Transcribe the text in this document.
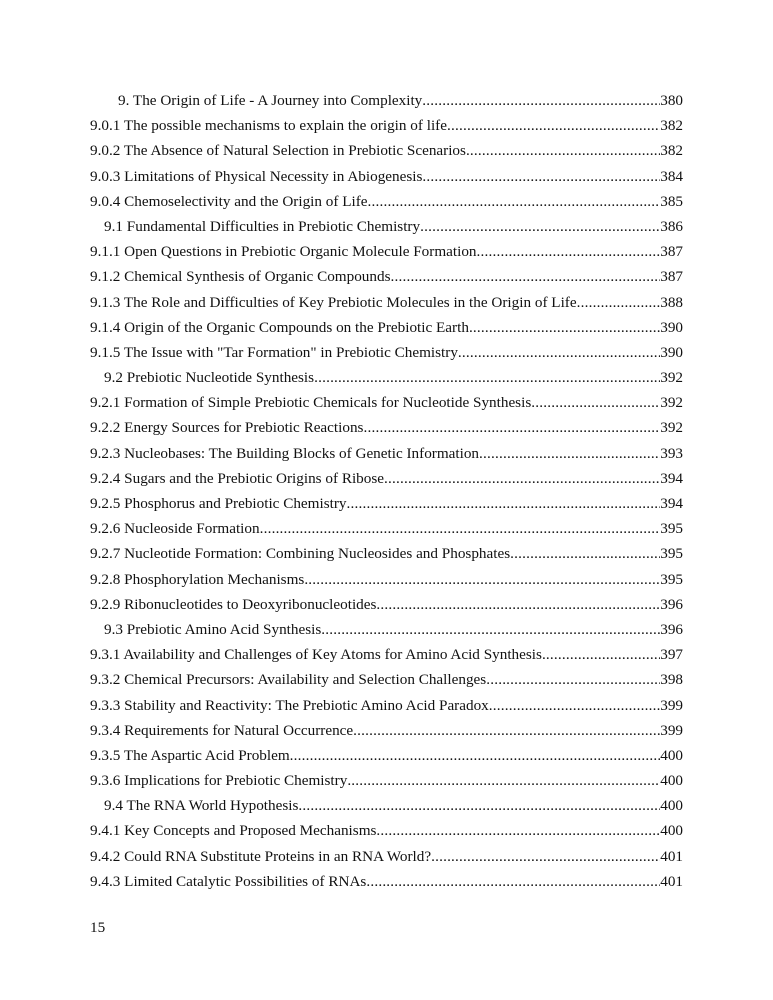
9. The Origin of Life - A Journey into Complexity .....	380
9.0.1 The possible mechanisms to explain the origin of life .....	382
9.0.2 The Absence of Natural Selection in Prebiotic Scenarios .....	382
9.0.3 Limitations of Physical Necessity in Abiogenesis .....	384
9.0.4 Chemoselectivity and the Origin of Life .....	385
9.1 Fundamental Difficulties in Prebiotic Chemistry .....	386
9.1.1 Open Questions in Prebiotic Organic Molecule Formation .....	387
9.1.2 Chemical Synthesis of Organic Compounds .....	387
9.1.3 The Role and Difficulties of Key Prebiotic Molecules in the Origin of Life .....	388
9.1.4 Origin of the Organic Compounds on the Prebiotic Earth .....	390
9.1.5 The Issue with "Tar Formation" in Prebiotic Chemistry .....	390
9.2 Prebiotic Nucleotide Synthesis .....	392
9.2.1 Formation of Simple Prebiotic Chemicals for Nucleotide Synthesis .....	392
9.2.2 Energy Sources for Prebiotic Reactions .....	392
9.2.3 Nucleobases: The Building Blocks of Genetic Information .....	393
9.2.4 Sugars and the Prebiotic Origins of Ribose .....	394
9.2.5 Phosphorus and Prebiotic Chemistry .....	394
9.2.6 Nucleoside Formation .....	395
9.2.7 Nucleotide Formation: Combining Nucleosides and Phosphates .....	395
9.2.8 Phosphorylation Mechanisms .....	395
9.2.9 Ribonucleotides to Deoxyribonucleotides .....	396
9.3 Prebiotic Amino Acid Synthesis .....	396
9.3.1 Availability and Challenges of Key Atoms for Amino Acid Synthesis .....	397
9.3.2 Chemical Precursors: Availability and Selection Challenges .....	398
9.3.3 Stability and Reactivity: The Prebiotic Amino Acid Paradox .....	399
9.3.4 Requirements for Natural Occurrence .....	399
9.3.5 The Aspartic Acid Problem .....	400
9.3.6 Implications for Prebiotic Chemistry .....	400
9.4 The RNA World Hypothesis .....	400
9.4.1 Key Concepts and Proposed Mechanisms .....	400
9.4.2 Could RNA Substitute Proteins in an RNA World? .....	401
9.4.3 Limited Catalytic Possibilities of RNAs .....	401
15
